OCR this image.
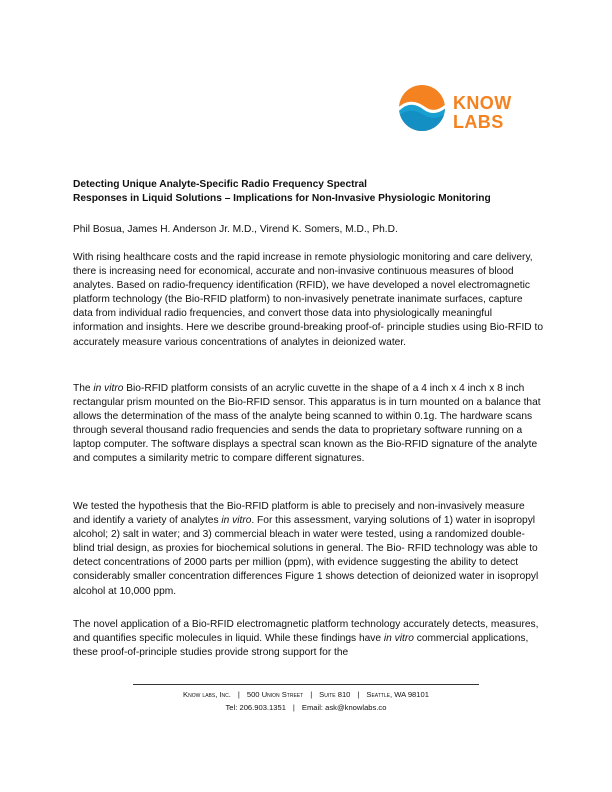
KNOW
LABS
Detecting Unique Analyte-Specific Radio Frequency Spectral
Responses in Liquid Solutions – Implications for Non-Invasive Physiologic Monitoring
Phil Bosua, James H. Anderson Jr. M.D., Virend K. Somers, M.D., Ph.D.

With rising healthcare costs and the rapid increase in remote physiologic monitoring and care delivery, there is increasing need for economical, accurate and non-invasive continuous measures of blood analytes. Based on radio-frequency identification (RFID), we have developed a novel electromagnetic platform technology (the Bio-RFID platform) to non-invasively penetrate inanimate surfaces, capture data from individual radio frequencies, and convert those data into physiologically meaningful information and insights. Here we describe ground-breaking proof-of- principle studies using Bio-RFID to accurately measure various concentrations of analytes in deionized water.

The in vitro Bio-RFID platform consists of an acrylic cuvette in the shape of a 4 inch x 4 inch x 8 inch rectangular prism mounted on the Bio-RFID sensor. This apparatus is in turn mounted on a balance that allows the determination of the mass of the analyte being scanned to within 0.1g. The hardware scans through several thousand radio frequencies and sends the data to proprietary software running on a laptop computer. The software displays a spectral scan known as the Bio-RFID signature of the analyte and computes a similarity metric to compare different signatures.

We tested the hypothesis that the Bio-RFID platform is able to precisely and non-invasively measure and identify a variety of analytes in vitro. For this assessment, varying solutions of 1) water in isopropyl alcohol; 2) salt in water; and 3) commercial bleach in water were tested, using a randomized double-blind trial design, as proxies for biochemical solutions in general. The Bio- RFID technology was able to detect concentrations of 2000 parts per million (ppm), with evidence suggesting the ability to detect considerably smaller concentration differences Figure 1 shows detection of deionized water in isopropyl alcohol at 10,000 ppm.

The novel application of a Bio-RFID electromagnetic platform technology accurately detects, measures, and quantifies specific molecules in liquid. While these findings have in vitro commercial applications, these proof-of-principle studies provide strong support for the

Know labs, Inc. | 500 Union Street | Suite 810 | Seattle, WA 98101
Tel: 206.903.1351 | Email: ask@knowlabs.co
